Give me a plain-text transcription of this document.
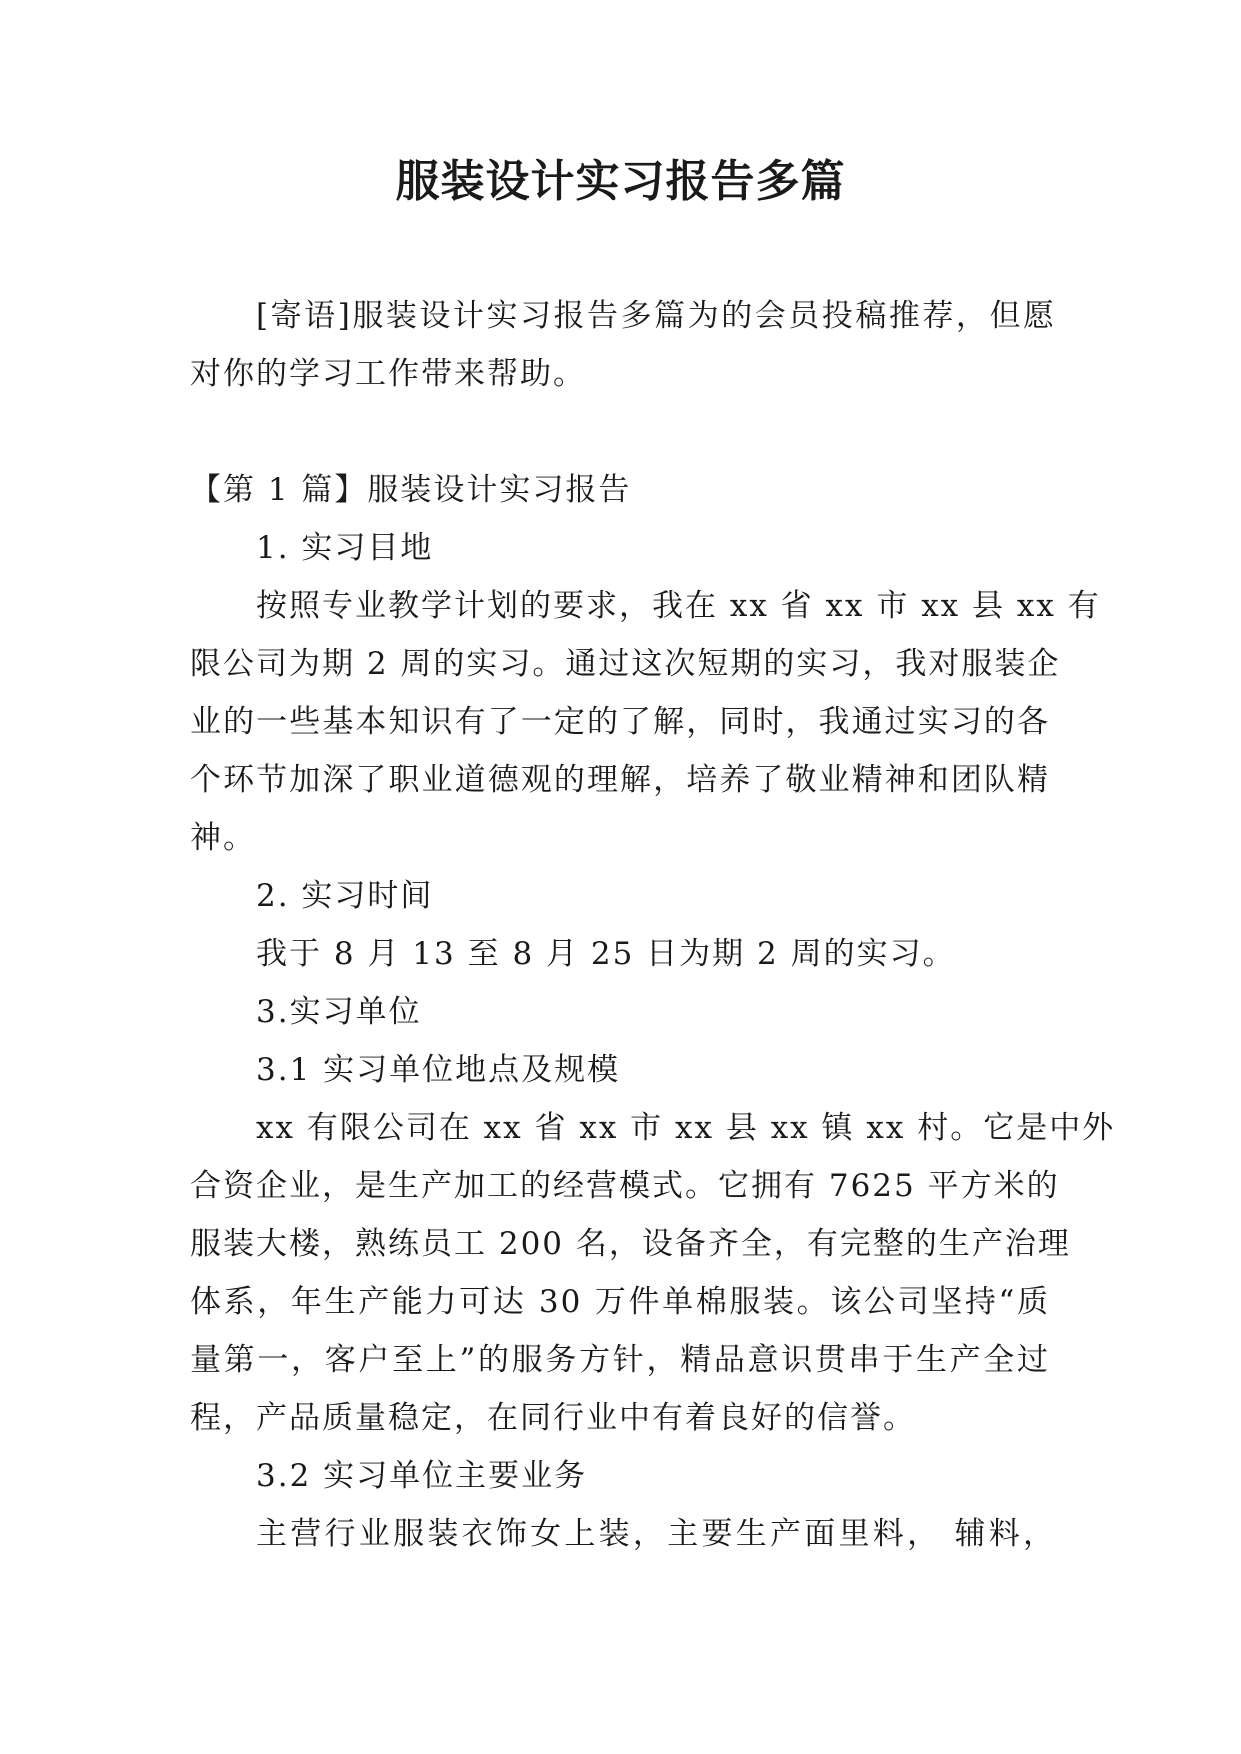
服装设计实习报告多篇

[寄语]服装设计实习报告多篇为的会员投稿推荐，但愿

对你的学习工作带来帮助。

【第 1 篇】服装设计实习报告

1. 实习目地

按照专业教学计划的要求，我在 xx 省 xx 市 xx 县 xx 有

限公司为期 2 周的实习。通过这次短期的实习，我对服装企

业的一些基本知识有了一定的了解，同时，我通过实习的各

个环节加深了职业道德观的理解，培养了敬业精神和团队精

神。

2. 实习时间

我于 8 月 13 至 8 月 25 日为期 2 周的实习。

3.实习单位

3.1 实习单位地点及规模

xx 有限公司在 xx 省 xx 市 xx 县 xx 镇 xx 村。它是中外

合资企业，是生产加工的经营模式。它拥有 7625 平方米的

服装大楼，熟练员工 200 名，设备齐全，有完整的生产治理

体系，年生产能力可达 30 万件单棉服装。该公司坚持“质

量第一，客户至上”的服务方针，精品意识贯串于生产全过

程，产品质量稳定，在同行业中有着良好的信誉。

3.2 实习单位主要业务

主营行业服装衣饰女上装，主要生产面里料， 辅料，
